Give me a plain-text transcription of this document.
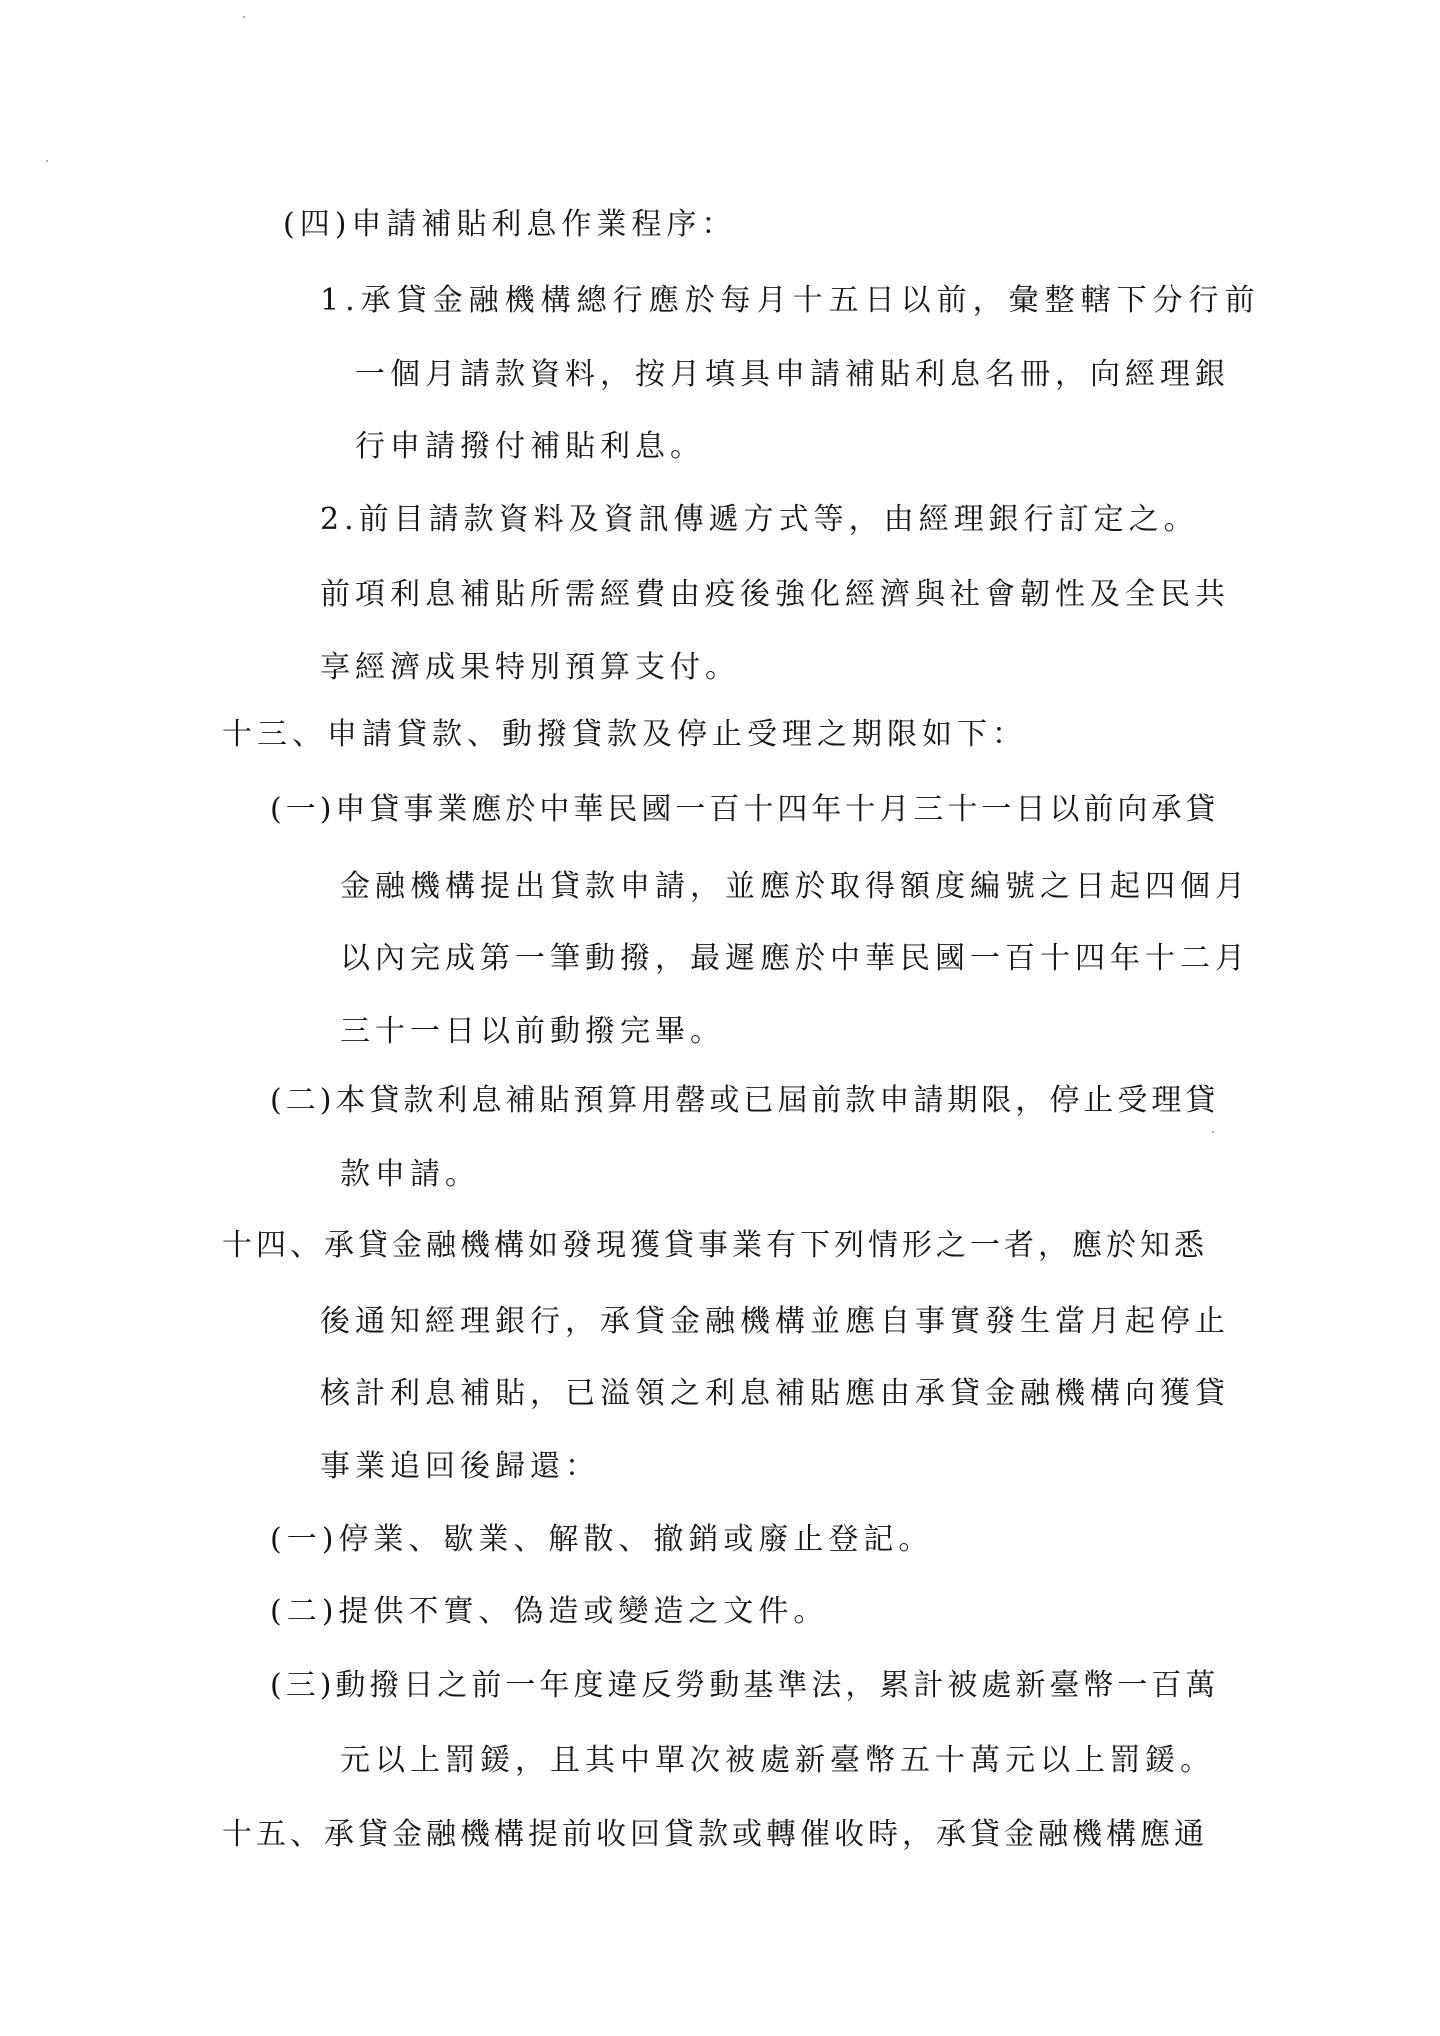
(四)申請補貼利息作業程序：
1.承貸金融機構總行應於每月十五日以前，彙整轄下分行前
一個月請款資料，按月填具申請補貼利息名冊，向經理銀
行申請撥付補貼利息。
2.前目請款資料及資訊傳遞方式等，由經理銀行訂定之。
前項利息補貼所需經費由疫後強化經濟與社會韌性及全民共
享經濟成果特別預算支付。
十三、申請貸款、動撥貸款及停止受理之期限如下：
(一)申貸事業應於中華民國一百十四年十月三十一日以前向承貸
金融機構提出貸款申請，並應於取得額度編號之日起四個月
以內完成第一筆動撥，最遲應於中華民國一百十四年十二月
三十一日以前動撥完畢。
(二)本貸款利息補貼預算用罄或已屆前款申請期限，停止受理貸
款申請。
十四、承貸金融機構如發現獲貸事業有下列情形之一者，應於知悉
後通知經理銀行，承貸金融機構並應自事實發生當月起停止
核計利息補貼，已溢領之利息補貼應由承貸金融機構向獲貸
事業追回後歸還：
(一)停業、歇業、解散、撤銷或廢止登記。
(二)提供不實、偽造或變造之文件。
(三)動撥日之前一年度違反勞動基準法，累計被處新臺幣一百萬
元以上罰鍰，且其中單次被處新臺幣五十萬元以上罰鍰。
十五、承貸金融機構提前收回貸款或轉催收時，承貸金融機構應通
